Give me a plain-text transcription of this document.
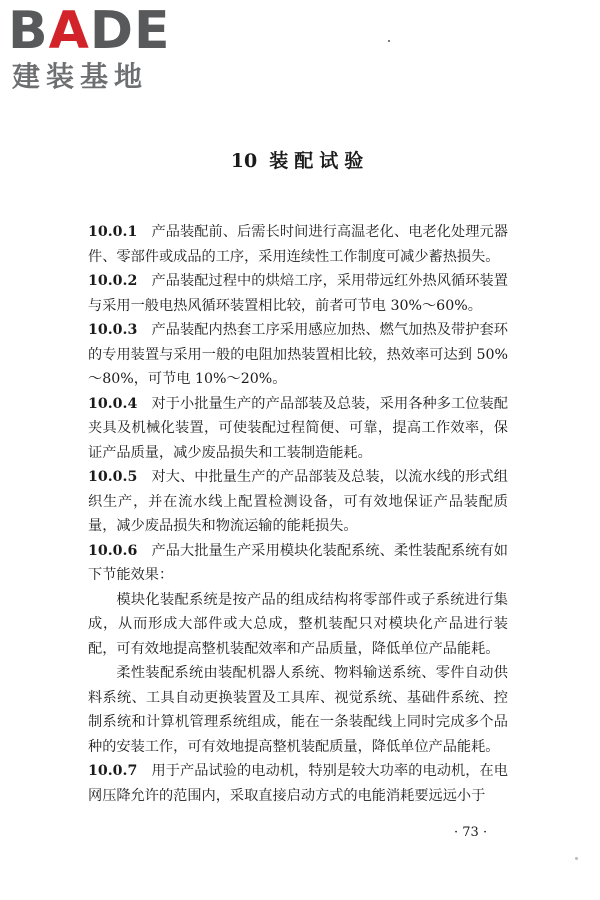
BADE
建装基地
10 装配试验

10.0.1 产品装配前、后需长时间进行高温老化、电老化处理元器件、零部件或成品的工序，采用连续性工作制度可减少蓄热损失。

10.0.2 产品装配过程中的烘焙工序，采用带远红外热风循环装置与采用一般电热风循环装置相比较，前者可节电 30%～60%。

10.0.3 产品装配内热套工序采用感应加热、燃气加热及带护套环的专用装置与采用一般的电阻加热装置相比较，热效率可达到 50%～80%，可节电 10%～20%。

10.0.4 对于小批量生产的产品部装及总装，采用各种多工位装配夹具及机械化装置，可使装配过程简便、可靠，提高工作效率，保证产品质量，减少废品损失和工装制造能耗。

10.0.5 对大、中批量生产的产品部装及总装，以流水线的形式组织生产，并在流水线上配置检测设备，可有效地保证产品装配质量，减少废品损失和物流运输的能耗损失。

10.0.6 产品大批量生产采用模块化装配系统、柔性装配系统有如下节能效果：

模块化装配系统是按产品的组成结构将零部件或子系统进行集成，从而形成大部件或大总成，整机装配只对模块化产品进行装配，可有效地提高整机装配效率和产品质量，降低单位产品能耗。

柔性装配系统由装配机器人系统、物料输送系统、零件自动供料系统、工具自动更换装置及工具库、视觉系统、基础件系统、控制系统和计算机管理系统组成，能在一条装配线上同时完成多个品种的安装工作，可有效地提高整机装配质量，降低单位产品能耗。

10.0.7 用于产品试验的电动机，特别是较大功率的电动机，在电网压降允许的范围内，采取直接启动方式的电能消耗要远远小于

· 73 ·
